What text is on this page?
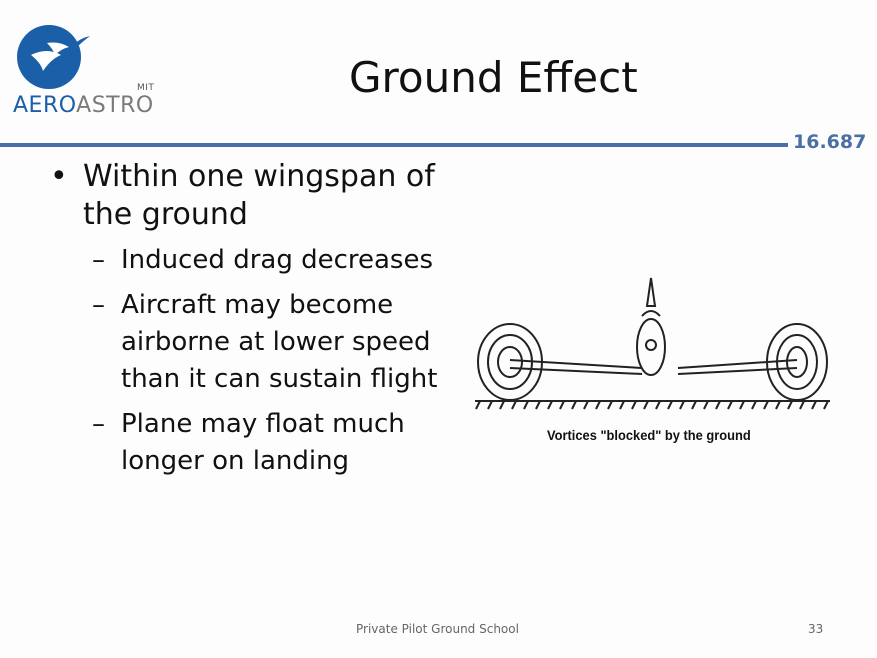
MIT
AEROASTRO
Ground Effect
16.687
• Within one wingspan of the ground
– Induced drag decreases
– Aircraft may become airborne at lower speed than it can sustain flight
– Plane may float much longer on landing
Vortices "blocked" by the ground
Private Pilot Ground School	33
